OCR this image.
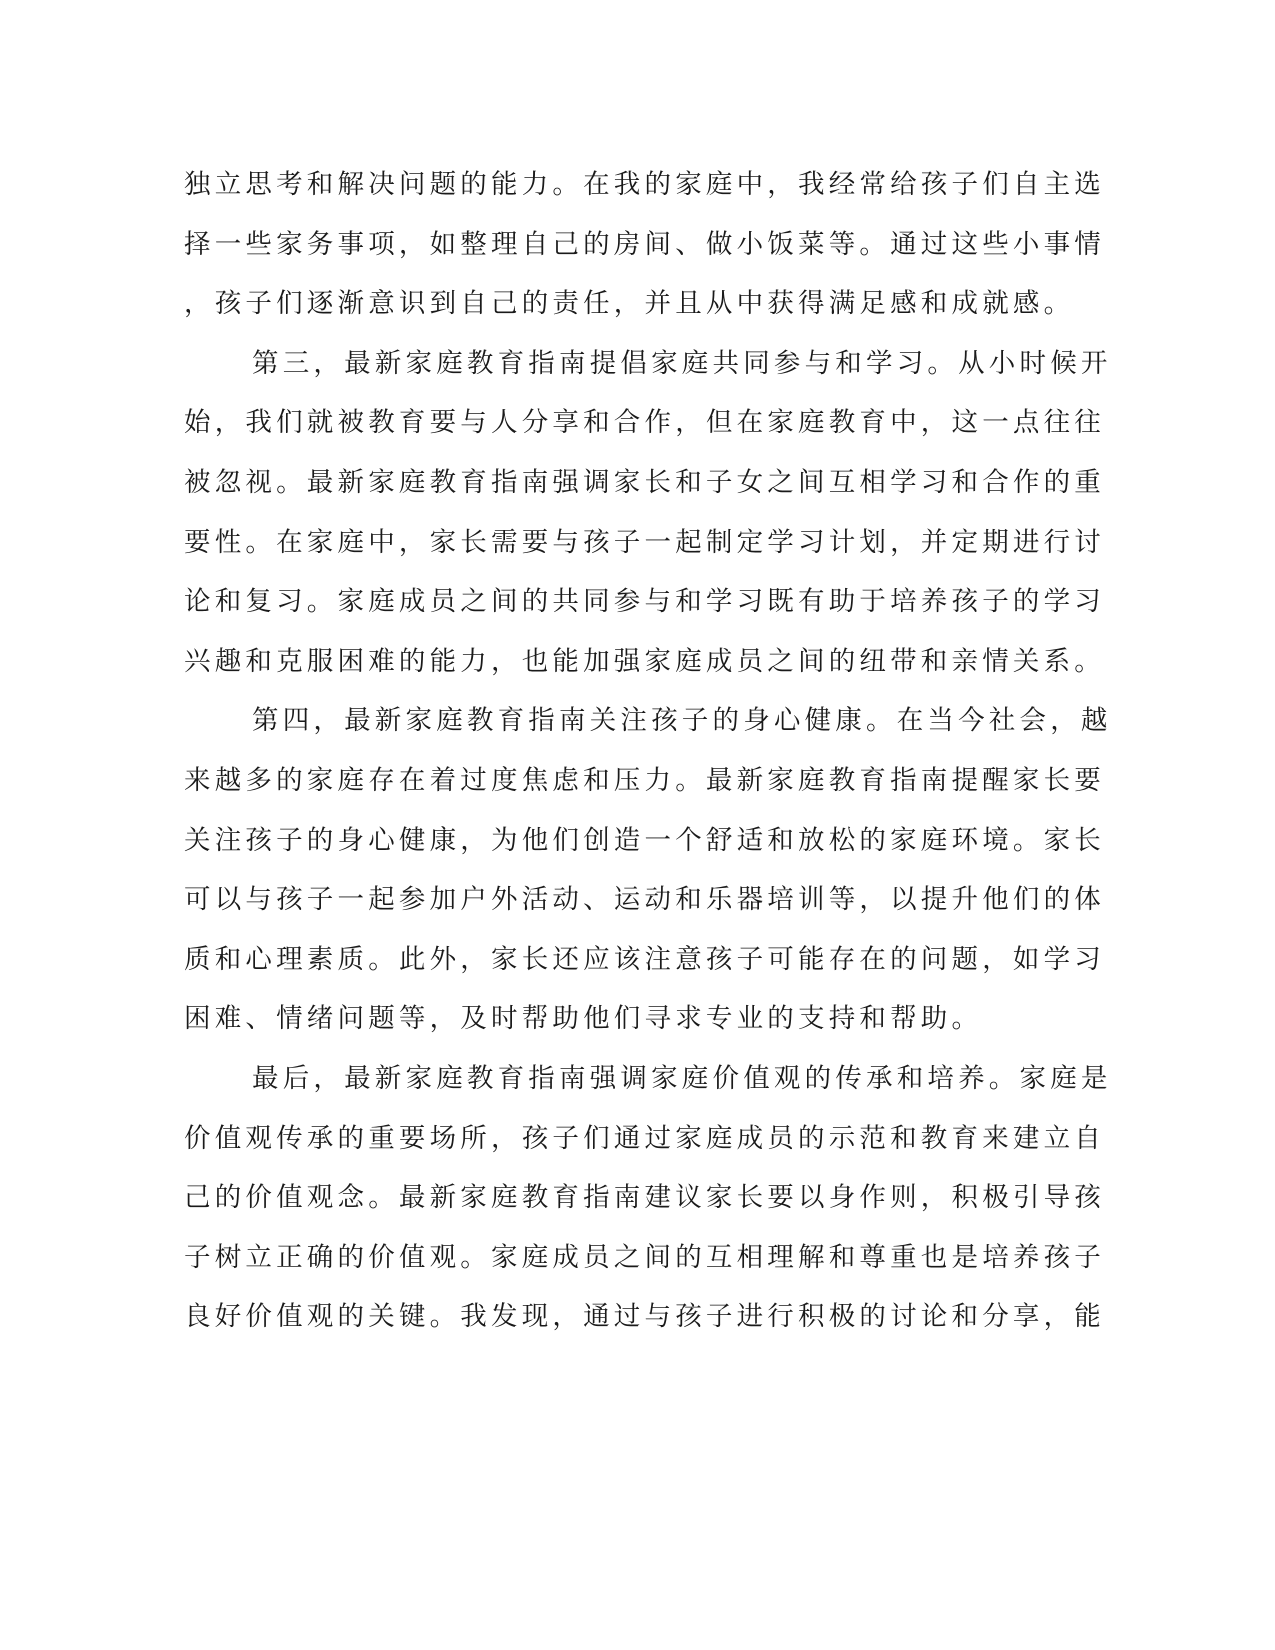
独立思考和解决问题的能力。在我的家庭中，我经常给孩子们自主选
择一些家务事项，如整理自己的房间、做小饭菜等。通过这些小事情
，孩子们逐渐意识到自己的责任，并且从中获得满足感和成就感。
第三，最新家庭教育指南提倡家庭共同参与和学习。从小时候开
始，我们就被教育要与人分享和合作，但在家庭教育中，这一点往往
被忽视。最新家庭教育指南强调家长和子女之间互相学习和合作的重
要性。在家庭中，家长需要与孩子一起制定学习计划，并定期进行讨
论和复习。家庭成员之间的共同参与和学习既有助于培养孩子的学习
兴趣和克服困难的能力，也能加强家庭成员之间的纽带和亲情关系。
第四，最新家庭教育指南关注孩子的身心健康。在当今社会，越
来越多的家庭存在着过度焦虑和压力。最新家庭教育指南提醒家长要
关注孩子的身心健康，为他们创造一个舒适和放松的家庭环境。家长
可以与孩子一起参加户外活动、运动和乐器培训等，以提升他们的体
质和心理素质。此外，家长还应该注意孩子可能存在的问题，如学习
困难、情绪问题等，及时帮助他们寻求专业的支持和帮助。
最后，最新家庭教育指南强调家庭价值观的传承和培养。家庭是
价值观传承的重要场所，孩子们通过家庭成员的示范和教育来建立自
己的价值观念。最新家庭教育指南建议家长要以身作则，积极引导孩
子树立正确的价值观。家庭成员之间的互相理解和尊重也是培养孩子
良好价值观的关键。我发现，通过与孩子进行积极的讨论和分享，能
